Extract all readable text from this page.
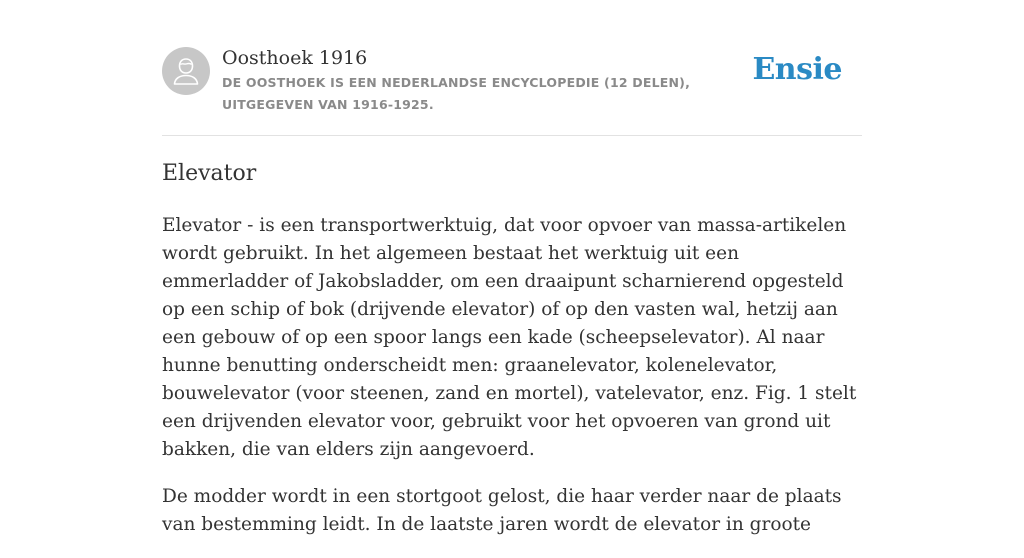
Oosthoek 1916
DE OOSTHOEK IS EEN NEDERLANDSE ENCYCLOPEDIE (12 DELEN), UITGEGEVEN VAN 1916-1925.
Ensie
Elevator

Elevator - is een transportwerktuig, dat voor opvoer van massa-artikelen wordt gebruikt. In het algemeen bestaat het werktuig uit een emmerladder of Jakobsladder, om een draaipunt scharnierend opgesteld op een schip of bok (drijvende elevator) of op den vasten wal, hetzij aan een gebouw of op een spoor langs een kade (scheepselevator). Al naar hunne benutting onderscheidt men: graanelevator, kolenelevator, bouwelevator (voor steenen, zand en mortel), vatelevator, enz. Fig. 1 stelt een drijvenden elevator voor, gebruikt voor het opvoeren van grond uit bakken, die van elders zijn aangevoerd.

De modder wordt in een stortgoot gelost, die haar verder naar de plaats van bestemming leidt. In de laatste jaren wordt de elevator in groote
